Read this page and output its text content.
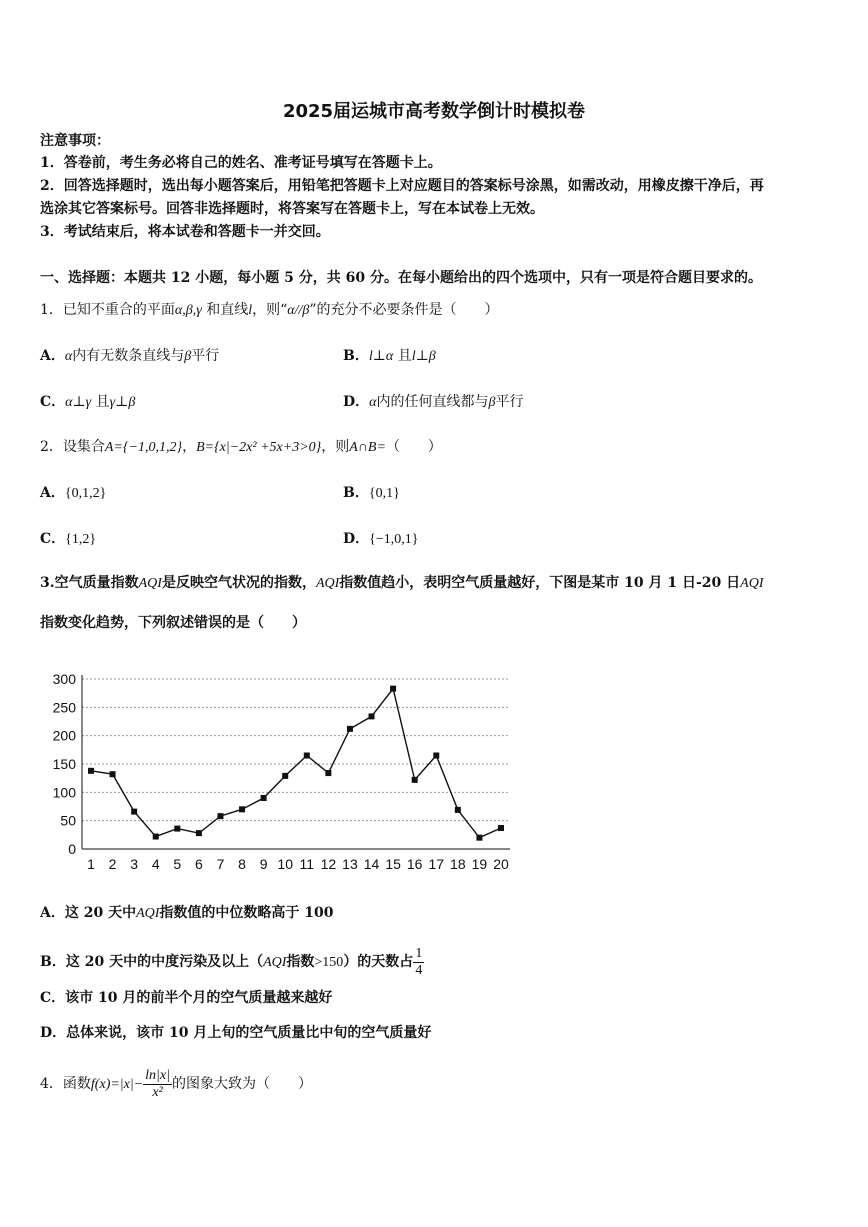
2025届运城市高考数学倒计时模拟卷
注意事项：
1．答卷前，考生务必将自己的姓名、准考证号填写在答题卡上。
2．回答选择题时，选出每小题答案后，用铅笔把答题卡上对应题目的答案标号涂黑，如需改动，用橡皮擦干净后，再
选涂其它答案标号。回答非选择题时，将答案写在答题卡上，写在本试卷上无效。
3．考试结束后，将本试卷和答题卡一并交回。
一、选择题：本题共 12 小题，每小题 5 分，共 60 分。在每小题给出的四个选项中，只有一项是符合题目要求的。
1．已知不重合的平面α,β,γ 和直线l，则“α//β”的充分不必要条件是（　　）
A．α内有无数条直线与β平行	B．l⊥α 且l⊥β
C．α⊥γ 且γ⊥β	D．α内的任何直线都与β平行
2．设集合A={−1,0,1,2}，B={x|−2x² +5x+3>0}，则A∩B=（　　）
A．{0,1,2}	B．{0,1}
C．{1,2}	D．{−1,0,1}
3.空气质量指数AQI是反映空气状况的指数，AQI指数值趋小，表明空气质量越好，下图是某市 10 月 1 日-20 日AQI
指数变化趋势，下列叙述错误的是（　　）
0
50
100
150
200
250
300
1 2 3 4 5 6 7 8 9 10 11 12 13 14 15 16 17 18 19 20
A．这 20 天中AQI指数值的中位数略高于 100
B．这 20 天中的中度污染及以上（AQI指数>150）的天数占 $\frac{1}{4}$
C．该市 10 月的前半个月的空气质量越来越好
D．总体来说，该市 10 月上旬的空气质量比中旬的空气质量好
4．函数$f(x)=|x|- \frac{\ln|x|}{\text{x²}}$ 的图象大致为（　　）
